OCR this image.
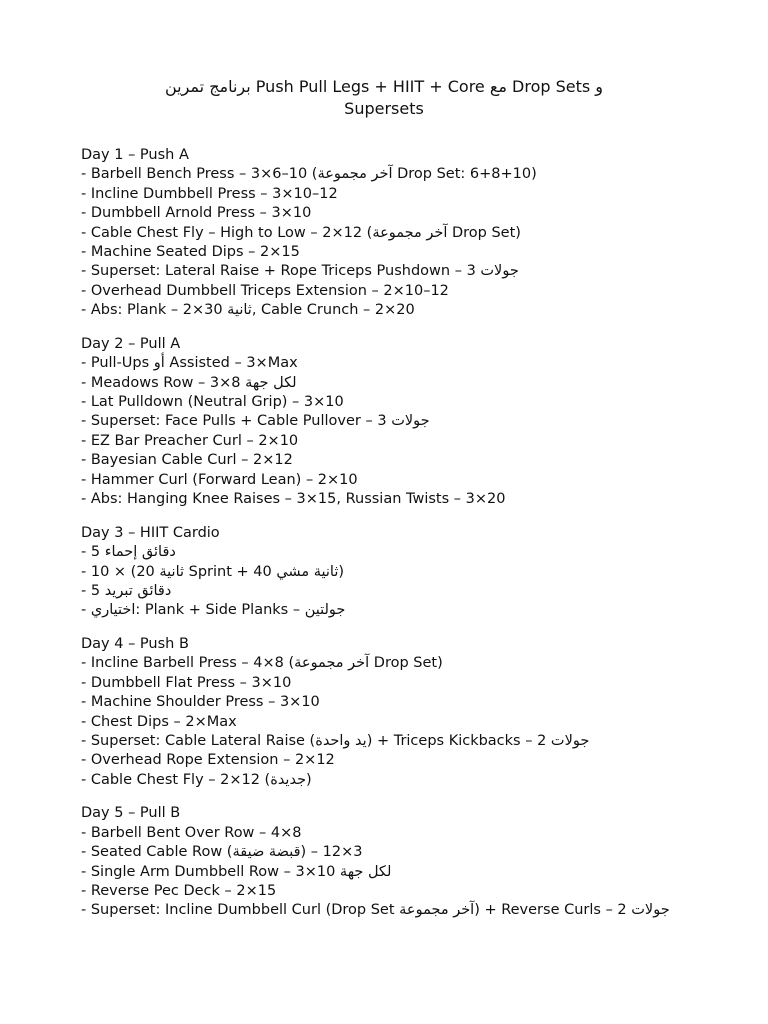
برنامج تمرين Push Pull Legs + HIIT + Core مع Drop Sets و
Supersets
Day 1 – Push A
- Barbell Bench Press – 3×6–10 (آخر مجموعة Drop Set: 6+8+10)
- Incline Dumbbell Press – 3×10–12
- Dumbbell Arnold Press – 3×10
- Cable Chest Fly – High to Low – 2×12 (آخر مجموعة Drop Set)
- Machine Seated Dips – 2×15
- Superset: Lateral Raise + Rope Triceps Pushdown – 3 جولات
- Overhead Dumbbell Triceps Extension – 2×10–12
- Abs: Plank – 2×30 ثانية, Cable Crunch – 2×20
Day 2 – Pull A
- Pull-Ups أو Assisted – 3×Max
- Meadows Row – 3×8 لكل جهة
- Lat Pulldown (Neutral Grip) – 3×10
- Superset: Face Pulls + Cable Pullover – 3 جولات
- EZ Bar Preacher Curl – 2×10
- Bayesian Cable Curl – 2×12
- Hammer Curl (Forward Lean) – 2×10
- Abs: Hanging Knee Raises – 3×15, Russian Twists – 3×20
Day 3 – HIIT Cardio
- 5 دقائق إحماء
- 10 × (20 ثانية Sprint + 40 ثانية مشي)
- 5 دقائق تبريد
- اختياري: Plank + Side Planks – جولتين
Day 4 – Push B
- Incline Barbell Press – 4×8 (آخر مجموعة Drop Set)
- Dumbbell Flat Press – 3×10
- Machine Shoulder Press – 3×10
- Chest Dips – 2×Max
- Superset: Cable Lateral Raise (يد واحدة) + Triceps Kickbacks – 2 جولات
- Overhead Rope Extension – 2×12
- Cable Chest Fly – 2×12 (جديدة)
Day 5 – Pull B
- Barbell Bent Over Row – 4×8
- Seated Cable Row (قبضة ضيقة) – 3×12
- Single Arm Dumbbell Row – 3×10 لكل جهة
- Reverse Pec Deck – 2×15
- Superset: Incline Dumbbell Curl (Drop Set آخر مجموعة) + Reverse Curls – 2 جولات
